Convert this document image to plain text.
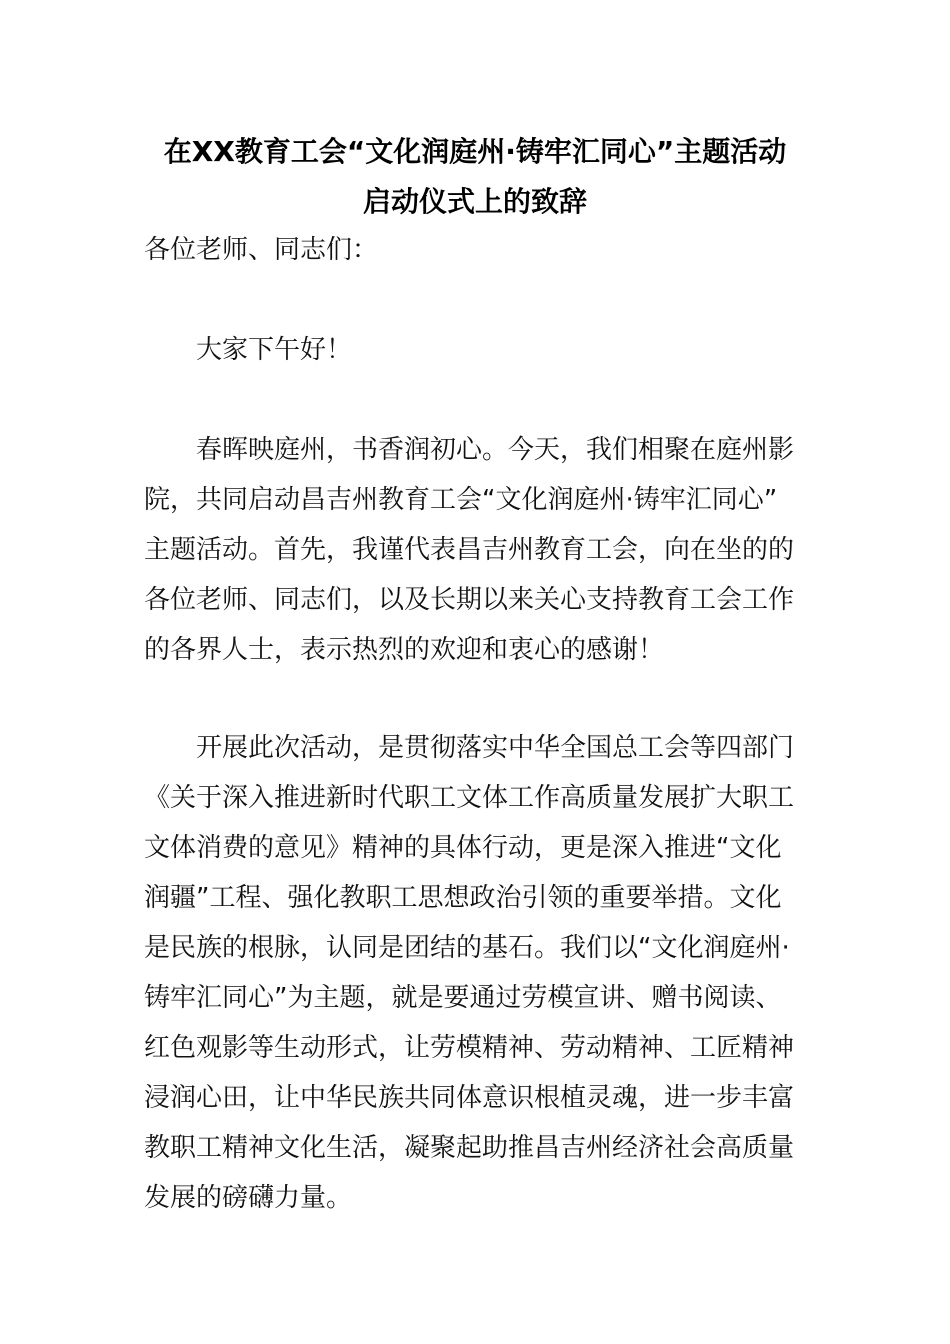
在XX教育工会“文化润庭州·铸牢汇同心”主题活动
启动仪式上的致辞
各位老师、同志们：
大家下午好！
春晖映庭州，书香润初心。今天，我们相聚在庭州影
院，共同启动昌吉州教育工会“文化润庭州·铸牢汇同心”
主题活动。首先，我谨代表昌吉州教育工会，向在坐的的
各位老师、同志们，以及长期以来关心支持教育工会工作
的各界人士，表示热烈的欢迎和衷心的感谢！
开展此次活动，是贯彻落实中华全国总工会等四部门
《关于深入推进新时代职工文体工作高质量发展扩大职工
文体消费的意见》精神的具体行动，更是深入推进“文化
润疆”工程、强化教职工思想政治引领的重要举措。文化
是民族的根脉，认同是团结的基石。我们以“文化润庭州·
铸牢汇同心”为主题，就是要通过劳模宣讲、赠书阅读、
红色观影等生动形式，让劳模精神、劳动精神、工匠精神
浸润心田，让中华民族共同体意识根植灵魂，进一步丰富
教职工精神文化生活，凝聚起助推昌吉州经济社会高质量
发展的磅礴力量。
